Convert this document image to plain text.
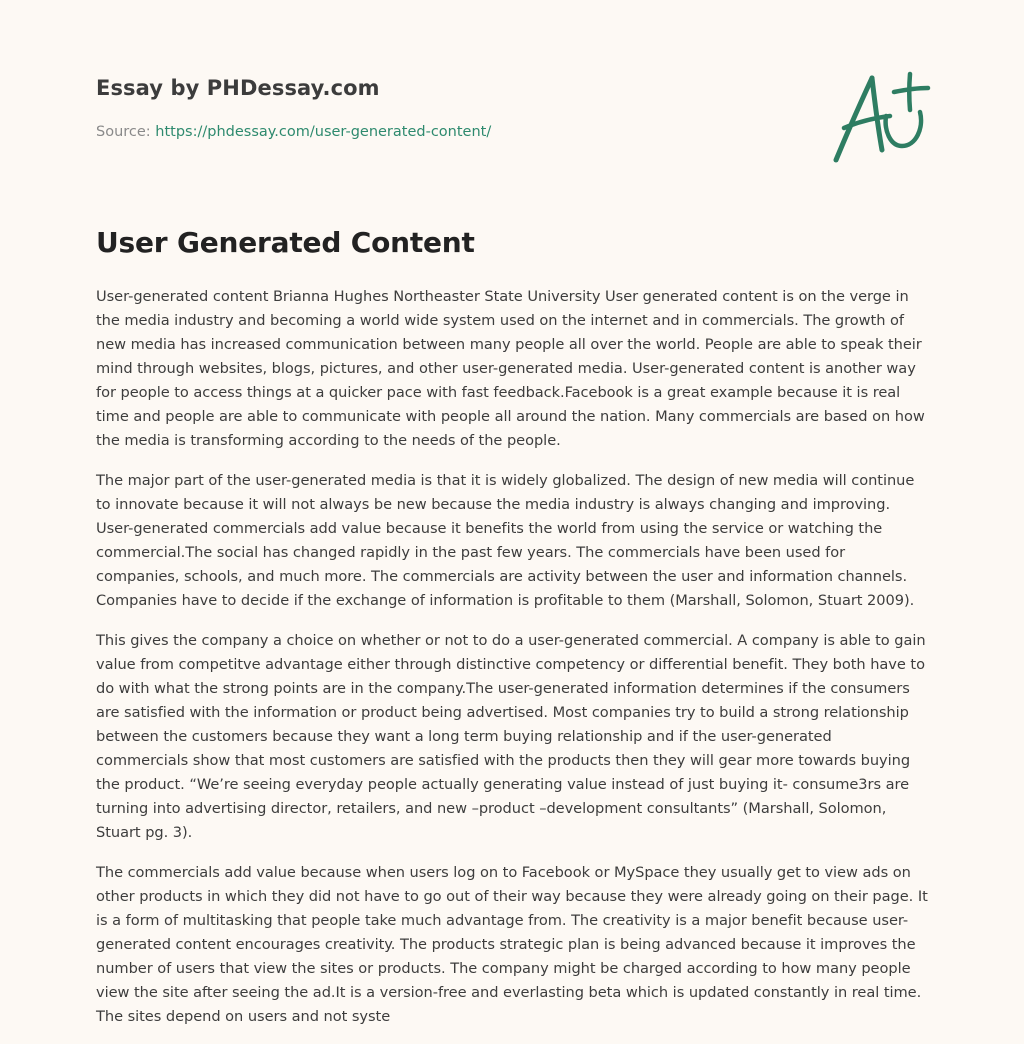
Essay by PHDessay.com
Source: https://phdessay.com/user-generated-content/
User Generated Content

User-generated content Brianna Hughes Northeaster State University User generated content is on the verge in the media industry and becoming a world wide system used on the internet and in commercials. The growth of new media has increased communication between many people all over the world. People are able to speak their mind through websites, blogs, pictures, and other user-generated media. User-generated content is another way for people to access things at a quicker pace with fast feedback.Facebook is a great example because it is real time and people are able to communicate with people all around the nation. Many commercials are based on how the media is transforming according to the needs of the people.

The major part of the user-generated media is that it is widely globalized. The design of new media will continue to innovate because it will not always be new because the media industry is always changing and improving. User-generated commercials add value because it benefits the world from using the service or watching the commercial.The social has changed rapidly in the past few years. The commercials have been used for companies, schools, and much more. The commercials are activity between the user and information channels. Companies have to decide if the exchange of information is profitable to them (Marshall, Solomon, Stuart 2009).

This gives the company a choice on whether or not to do a user-generated commercial. A company is able to gain value from competitve advantage either through distinctive competency or differential benefit. They both have to do with what the strong points are in the company.The user-generated information determines if the consumers are satisfied with the information or product being advertised. Most companies try to build a strong relationship between the customers because they want a long term buying relationship and if the user-generated commercials show that most customers are satisfied with the products then they will gear more towards buying the product. “We’re seeing everyday people actually generating value instead of just buying it- consume3rs are turning into advertising director, retailers, and new –product –development consultants” (Marshall, Solomon, Stuart pg. 3).

The commercials add value because when users log on to Facebook or MySpace they usually get to view ads on other products in which they did not have to go out of their way because they were already going on their page. It is a form of multitasking that people take much advantage from. The creativity is a major benefit because user-generated content encourages creativity. The products strategic plan is being advanced because it improves the number of users that view the sites or products. The company might be charged according to how many people view the site after seeing the ad.It is a version-free and everlasting beta which is updated constantly in real time. The sites depend on users and not syste
